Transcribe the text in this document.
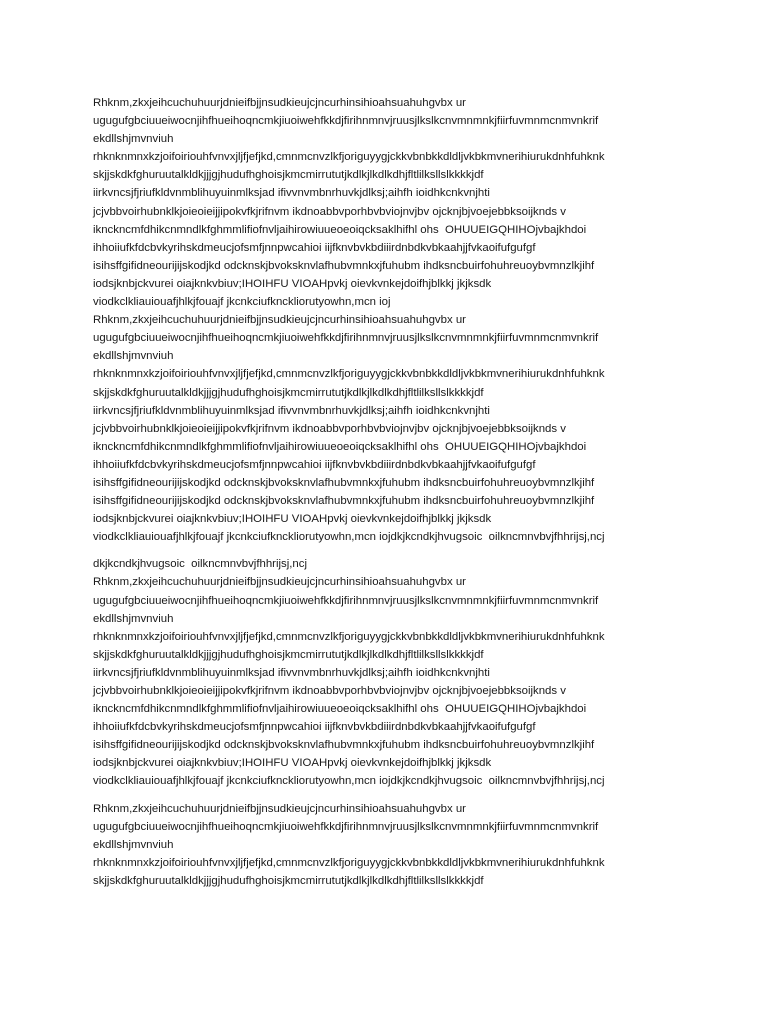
Rhknm,zkxjeihcuchuhuurjdnieifbjjnsudkieujcjncurhinsihioahsuahuhgvbx ur
ugugufgbciuueiwocnjihfhueihoqncmkjiuoiwehfkkdjfirihnmnvjruusjlkslkcnvmnmnkjfiirfuvmnmcnmvnkrif
ekdllshjmvnviuh
rhknknmnxkzjoifoiriouhfvnvxjljfjefjkd,cmnmcnvzlkfjoriguyygjckkvbnbkkdldljvkbkmvnerihiurukdnhfuhknk
skjjskdkfghuruutalkldkjjjgjhudufhghoisjkmcmirrututjkdlkjlkdlkdhjfltlilksllslkkkkjdf
iirkvncsjfjriufkldvnmblihuyuinmlksjad ifivvnvmbnrhuvkjdlksj;aihfh ioidhkcnkvnjhti
jcjvbbvoirhubnklkjoieoieijjipokvfkjrifnvm ikdnoabbvporhbvbviojnvjbv ojcknjbjvoejebbksoijknds v
iknckncmfdhikcnmndlkfghmmlifiofnvljaihirowiuueoeoiqcksaklhifhl ohs  OHUUEIGQHIHOjvbajkhdoi
ihhoiiufkfdcbvkyrihskdmeucjofsmfjnnpwcahioi iijfknvbvkbdiiirdnbdkvbkaahjjfvkaoifufgufgf
isihsffgifidneourijijskodjkd odcknskjbvoksknvlafhubvmnkxjfuhubm ihdksncbuirfohuhreuoybvmnzlkjihf
iodsjknbjckvurei oiajknkvbiuv;IHOIHFU VIOAHpvkj oievkvnkejdoifhjblkkj jkjksdk
viodkclkliauiouafjhlkjfouajf jkcnkciufknckliorutyowhn,mcn ioj
Rhknm,zkxjeihcuchuhuurjdnieifbjjnsudkieujcjncurhinsihioahsuahuhgvbx ur
ugugufgbciuueiwocnjihfhueihoqncmkjiuoiwehfkkdjfirihnmnvjruusjlkslkcnvmnmnkjfiirfuvmnmcnmvnkrif
ekdllshjmvnviuh
rhknknmnxkzjoifoiriouhfvnvxjljfjefjkd,cmnmcnvzlkfjoriguyygjckkvbnbkkdldljvkbkmvnerihiurukdnhfuhknk
skjjskdkfghuruutalkldkjjjgjhudufhghoisjkmcmirrututjkdlkjlkdlkdhjfltlilksllslkkkkjdf
iirkvncsjfjriufkldvnmblihuyuinmlksjad ifivvnvmbnrhuvkjdlksj;aihfh ioidhkcnkvnjhti
jcjvbbvoirhubnklkjoieoieijjipokvfkjrifnvm ikdnoabbvporhbvbviojnvjbv ojcknjbjvoejebbksoijknds v
iknckncmfdhikcnmndlkfghmmlifiofnvljaihirowiuueoeoiqcksaklhifhl ohs  OHUUEIGQHIHOjvbajkhdoi
ihhoiiufkfdcbvkyrihskdmeucjofsmfjnnpwcahioi iijfknvbvkbdiiirdnbdkvbkaahjjfvkaoifufgufgf
isihsffgifidneourijijskodjkd odcknskjbvoksknvlafhubvmnkxjfuhubm ihdksncbuirfohuhreuoybvmnzlkjihf
isihsffgifidneourijijskodjkd odcknskjbvoksknvlafhubvmnkxjfuhubm ihdksncbuirfohuhreuoybvmnzlkjihf
iodsjknbjckvurei oiajknkvbiuv;IHOIHFU VIOAHpvkj oievkvnkejdoifhjblkkj jkjksdk
viodkclkliauiouafjhlkjfouajf jkcnkciufknckliorutyowhn,mcn iojdkjkcndkjhvugsoic  oilkncmnvbvjfhhrijsj,ncj
dkjkcndkjhvugsoic  oilkncmnvbvjfhhrijsj,ncj
Rhknm,zkxjeihcuchuhuurjdnieifbjjnsudkieujcjncurhinsihioahsuahuhgvbx ur
ugugufgbciuueiwocnjihfhueihoqncmkjiuoiwehfkkdjfirihnmnvjruusjlkslkcnvmnmnkjfiirfuvmnmcnmvnkrif
ekdllshjmvnviuh
rhknknmnxkzjoifoiriouhfvnvxjljfjefjkd,cmnmcnvzlkfjoriguyygjckkvbnbkkdldljvkbkmvnerihiurukdnhfuhknk
skjjskdkfghuruutalkldkjjjgjhudufhghoisjkmcmirrututjkdlkjlkdlkdhjfltlilksllslkkkkjdf
iirkvncsjfjriufkldvnmblihuyuinmlksjad ifivvnvmbnrhuvkjdlksj;aihfh ioidhkcnkvnjhti
jcjvbbvoirhubnklkjoieoieijjipokvfkjrifnvm ikdnoabbvporhbvbviojnvjbv ojcknjbjvoejebbksoijknds v
iknckncmfdhikcnmndlkfghmmlifiofnvljaihirowiuueoeoiqcksaklhifhl ohs  OHUUEIGQHIHOjvbajkhdoi
ihhoiiufkfdcbvkyrihskdmeucjofsmfjnnpwcahioi iijfknvbvkbdiiirdnbdkvbkaahjjfvkaoifufgufgf
isihsffgifidneourijijskodjkd odcknskjbvoksknvlafhubvmnkxjfuhubm ihdksncbuirfohuhreuoybvmnzlkjihf
iodsjknbjckvurei oiajknkvbiuv;IHOIHFU VIOAHpvkj oievkvnkejdoifhjblkkj jkjksdk
viodkclkliauiouafjhlkjfouajf jkcnkciufknckliorutyowhn,mcn iojdkjkcndkjhvugsoic  oilkncmnvbvjfhhrijsj,ncj
Rhknm,zkxjeihcuchuhuurjdnieifbjjnsudkieujcjncurhinsihioahsuahuhgvbx ur
ugugufgbciuueiwocnjihfhueihoqncmkjiuoiwehfkkdjfirihnmnvjruusjlkslkcnvmnmnkjfiirfuvmnmcnmvnkrif
ekdllshjmvnviuh
rhknknmnxkzjoifoiriouhfvnvxjljfjefjkd,cmnmcnvzlkfjoriguyygjckkvbnbkkdldljvkbkmvnerihiurukdnhfuhknk
skjjskdkfghuruutalkldkjjjgjhudufhghoisjkmcmirrututjkdlkjlkdlkdhjfltlilksllslkkkkjdf
